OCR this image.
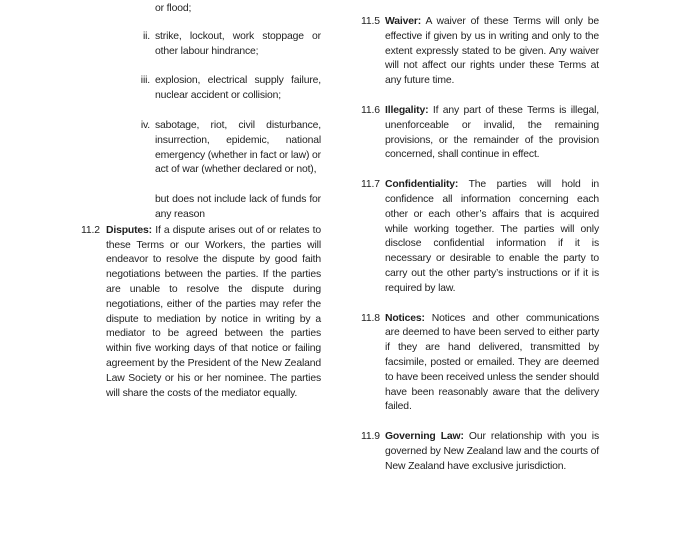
or flood;
ii. strike, lockout, work stoppage or other labour hindrance;
iii. explosion, electrical supply failure, nuclear accident or collision;
iv. sabotage, riot, civil disturbance, insurrection, epidemic, national emergency (whether in fact or law) or act of war (whether declared or not),
but does not include lack of funds for any reason
11.2 Disputes: If a dispute arises out of or relates to these Terms or our Workers, the parties will endeavor to resolve the dispute by good faith negotiations between the parties. If the parties are unable to resolve the dispute during negotiations, either of the parties may refer the dispute to mediation by notice in writing by a mediator to be agreed between the parties within five working days of that notice or failing agreement by the President of the New Zealand Law Society or his or her nominee. The parties will share the costs of the mediator equally.

11.5 Waiver: A waiver of these Terms will only be effective if given by us in writing and only to the extent expressly stated to be given. Any waiver will not affect our rights under these Terms at any future time.

11.6 Illegality: If any part of these Terms is illegal, unenforceable or invalid, the remaining provisions, or the remainder of the provision concerned, shall continue in effect.

11.7 Confidentiality: The parties will hold in confidence all information concerning each other or each other’s affairs that is acquired while working together. The parties will only disclose confidential information if it is necessary or desirable to enable the party to carry out the other party’s instructions or if it is required by law.

11.8 Notices: Notices and other communications are deemed to have been served to either party if they are hand delivered, transmitted by facsimile, posted or emailed. They are deemed to have been received unless the sender should have been reasonably aware that the delivery failed.

11.9 Governing Law: Our relationship with you is governed by New Zealand law and the courts of New Zealand have exclusive jurisdiction.
